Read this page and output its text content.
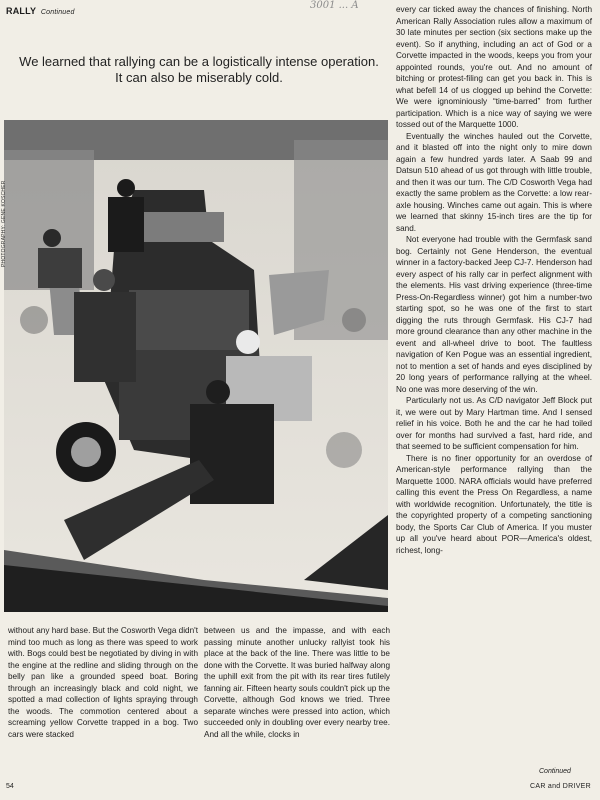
RALLY Continued
3001 ... A
We learned that rallying can be a logistically intense operation. It can also be miserably cold.
PHOTOGRAPHY: GENE KOSCHER

every car ticked away the chances of finishing. North American Rally Association rules allow a maximum of 30 late minutes per section (six sections make up the event). So if anything, including an act of God or a Corvette impacted in the woods, keeps you from your appointed rounds, you're out. And no amount of bitching or protest-filing can get you back in. This is what befell 14 of us clogged up behind the Corvette: We were ignominiously “time-barred” from further participation. Which is a nice way of saying we were tossed out of the Marquette 1000.

Eventually the winches hauled out the Corvette, and it blasted off into the night only to mire down again a few hundred yards later. A Saab 99 and Datsun 510 ahead of us got through with little trouble, and then it was our turn. The C/D Cosworth Vega had exactly the same problem as the Corvette: a low rear-axle housing. Winches came out again. This is where we learned that skinny 15-inch tires are the tip for sand.

Not everyone had trouble with the Germfask sand bog. Certainly not Gene Henderson, the eventual winner in a factory-backed Jeep CJ-7. Henderson had every aspect of his rally car in perfect alignment with the elements. His vast driving experience (three-time Press-On-Regardless winner) got him a number-two starting spot, so he was one of the first to start digging the ruts through Germfask. His CJ-7 had more ground clearance than any other machine in the event and all-wheel drive to boot. The faultless navigation of Ken Pogue was an essential ingredient, not to mention a set of hands and eyes disciplined by 20 long years of performance rallying at the wheel. No one was more deserving of the win.

Particularly not us. As C/D navigator Jeff Block put it, we were out by Mary Hartman time. And I sensed relief in his voice. Both he and the car he had toiled over for months had survived a fast, hard ride, and that seemed to be sufficient compensation for him.

There is no finer opportunity for an overdose of American-style performance rallying than the Marquette 1000. NARA officials would have preferred calling this event the Press On Regardless, a name with worldwide recognition. Unfortunately, the title is the copyrighted property of a competing sanctioning body, the Sports Car Club of America. If you muster up all you've heard about POR—America's oldest, richest, long-

without any hard base. But the Cosworth Vega didn't mind too much as long as there was speed to work with. Bogs could best be negotiated by diving in with the engine at the redline and sliding through on the belly pan like a grounded speed boat. Boring through an increasingly black and cold night, we spotted a mad collection of lights spraying through the woods. The commotion centered about a screaming yellow Corvette trapped in a bog. Two cars were stacked

between us and the impasse, and with each passing minute another unlucky rallyist took his place at the back of the line. There was little to be done with the Corvette. It was buried halfway along the uphill exit from the pit with its rear tires futilely fanning air. Fifteen hearty souls couldn't pick up the Corvette, although God knows we tried. Three separate winches were pressed into action, which succeeded only in doubling over every nearby tree. And all the while, clocks in

Continued
54	CAR and DRIVER
